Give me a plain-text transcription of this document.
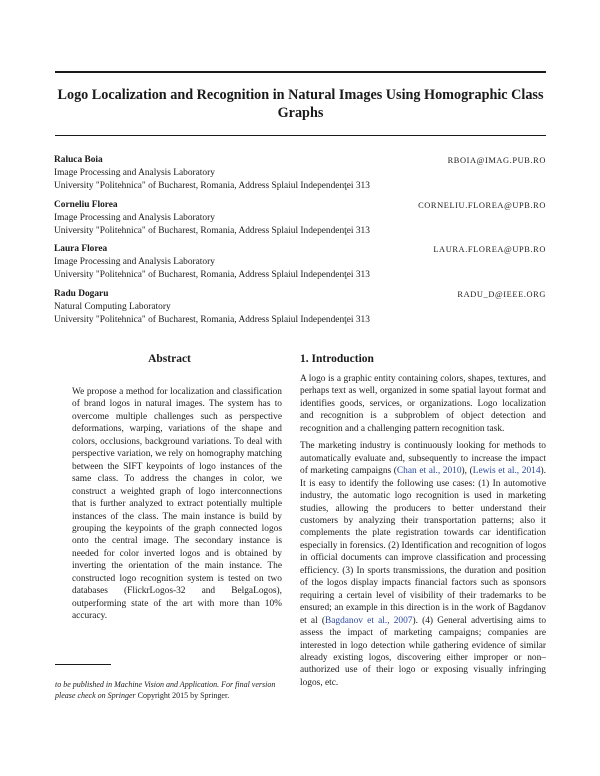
Logo Localization and Recognition in Natural Images Using Homographic Class Graphs
Raluca Boia	RBOIA@IMAG.PUB.RO
Image Processing and Analysis Laboratory
University "Politehnica" of Bucharest, Romania, Address Splaiul Independenţei 313
Corneliu Florea	CORNELIU.FLOREA@UPB.RO
Image Processing and Analysis Laboratory
University "Politehnica" of Bucharest, Romania, Address Splaiul Independenţei 313
Laura Florea	LAURA.FLOREA@UPB.RO
Image Processing and Analysis Laboratory
University "Politehnica" of Bucharest, Romania, Address Splaiul Independenţei 313
Radu Dogaru	RADU_D@IEEE.ORG
Natural Computing Laboratory
University "Politehnica" of Bucharest, Romania, Address Splaiul Independenţei 313
Abstract

We propose a method for localization and classification of brand logos in natural images. The system has to overcome multiple challenges such as perspective deformations, warping, variations of the shape and colors, occlusions, background variations. To deal with perspective variation, we rely on homography matching between the SIFT keypoints of logo instances of the same class. To address the changes in color, we construct a weighted graph of logo interconnections that is further analyzed to extract potentially multiple instances of the class. The main instance is build by grouping the keypoints of the graph connected logos onto the central image. The secondary instance is needed for color inverted logos and is obtained by inverting the orientation of the main instance. The constructed logo recognition system is tested on two databases (FlickrLogos-32 and BelgaLogos), outperforming state of the art with more than 10% accuracy.

1. Introduction

A logo is a graphic entity containing colors, shapes, textures, and perhaps text as well, organized in some spatial layout format and identifies goods, services, or organizations. Logo localization and recognition is a subproblem of object detection and recognition and a challenging pattern recognition task.

The marketing industry is continuously looking for methods to automatically evaluate and, subsequently to increase the impact of marketing campaigns (Chan et al., 2010), (Lewis et al., 2014). It is easy to identify the following use cases: (1) In automotive industry, the automatic logo recognition is used in marketing studies, allowing the producers to better understand their customers by analyzing their transportation patterns; also it complements the plate registration towards car identification especially in forensics. (2) Identification and recognition of logos in official documents can improve classification and processing efficiency. (3) In sports transmissions, the duration and position of the logos display impacts financial factors such as sponsors requiring a certain level of visibility of their trademarks to be ensured; an example in this direction is in the work of Bagdanov et al (Bagdanov et al., 2007). (4) General advertising aims to assess the impact of marketing campaigns; companies are interested in logo detection while gathering evidence of similar already existing logos, discovering either improper or non–authorized use of their logo or exposing visually infringing logos, etc.

to be published in Machine Vision and Application. For final version please check on Springer Copyright 2015 by Springer.
